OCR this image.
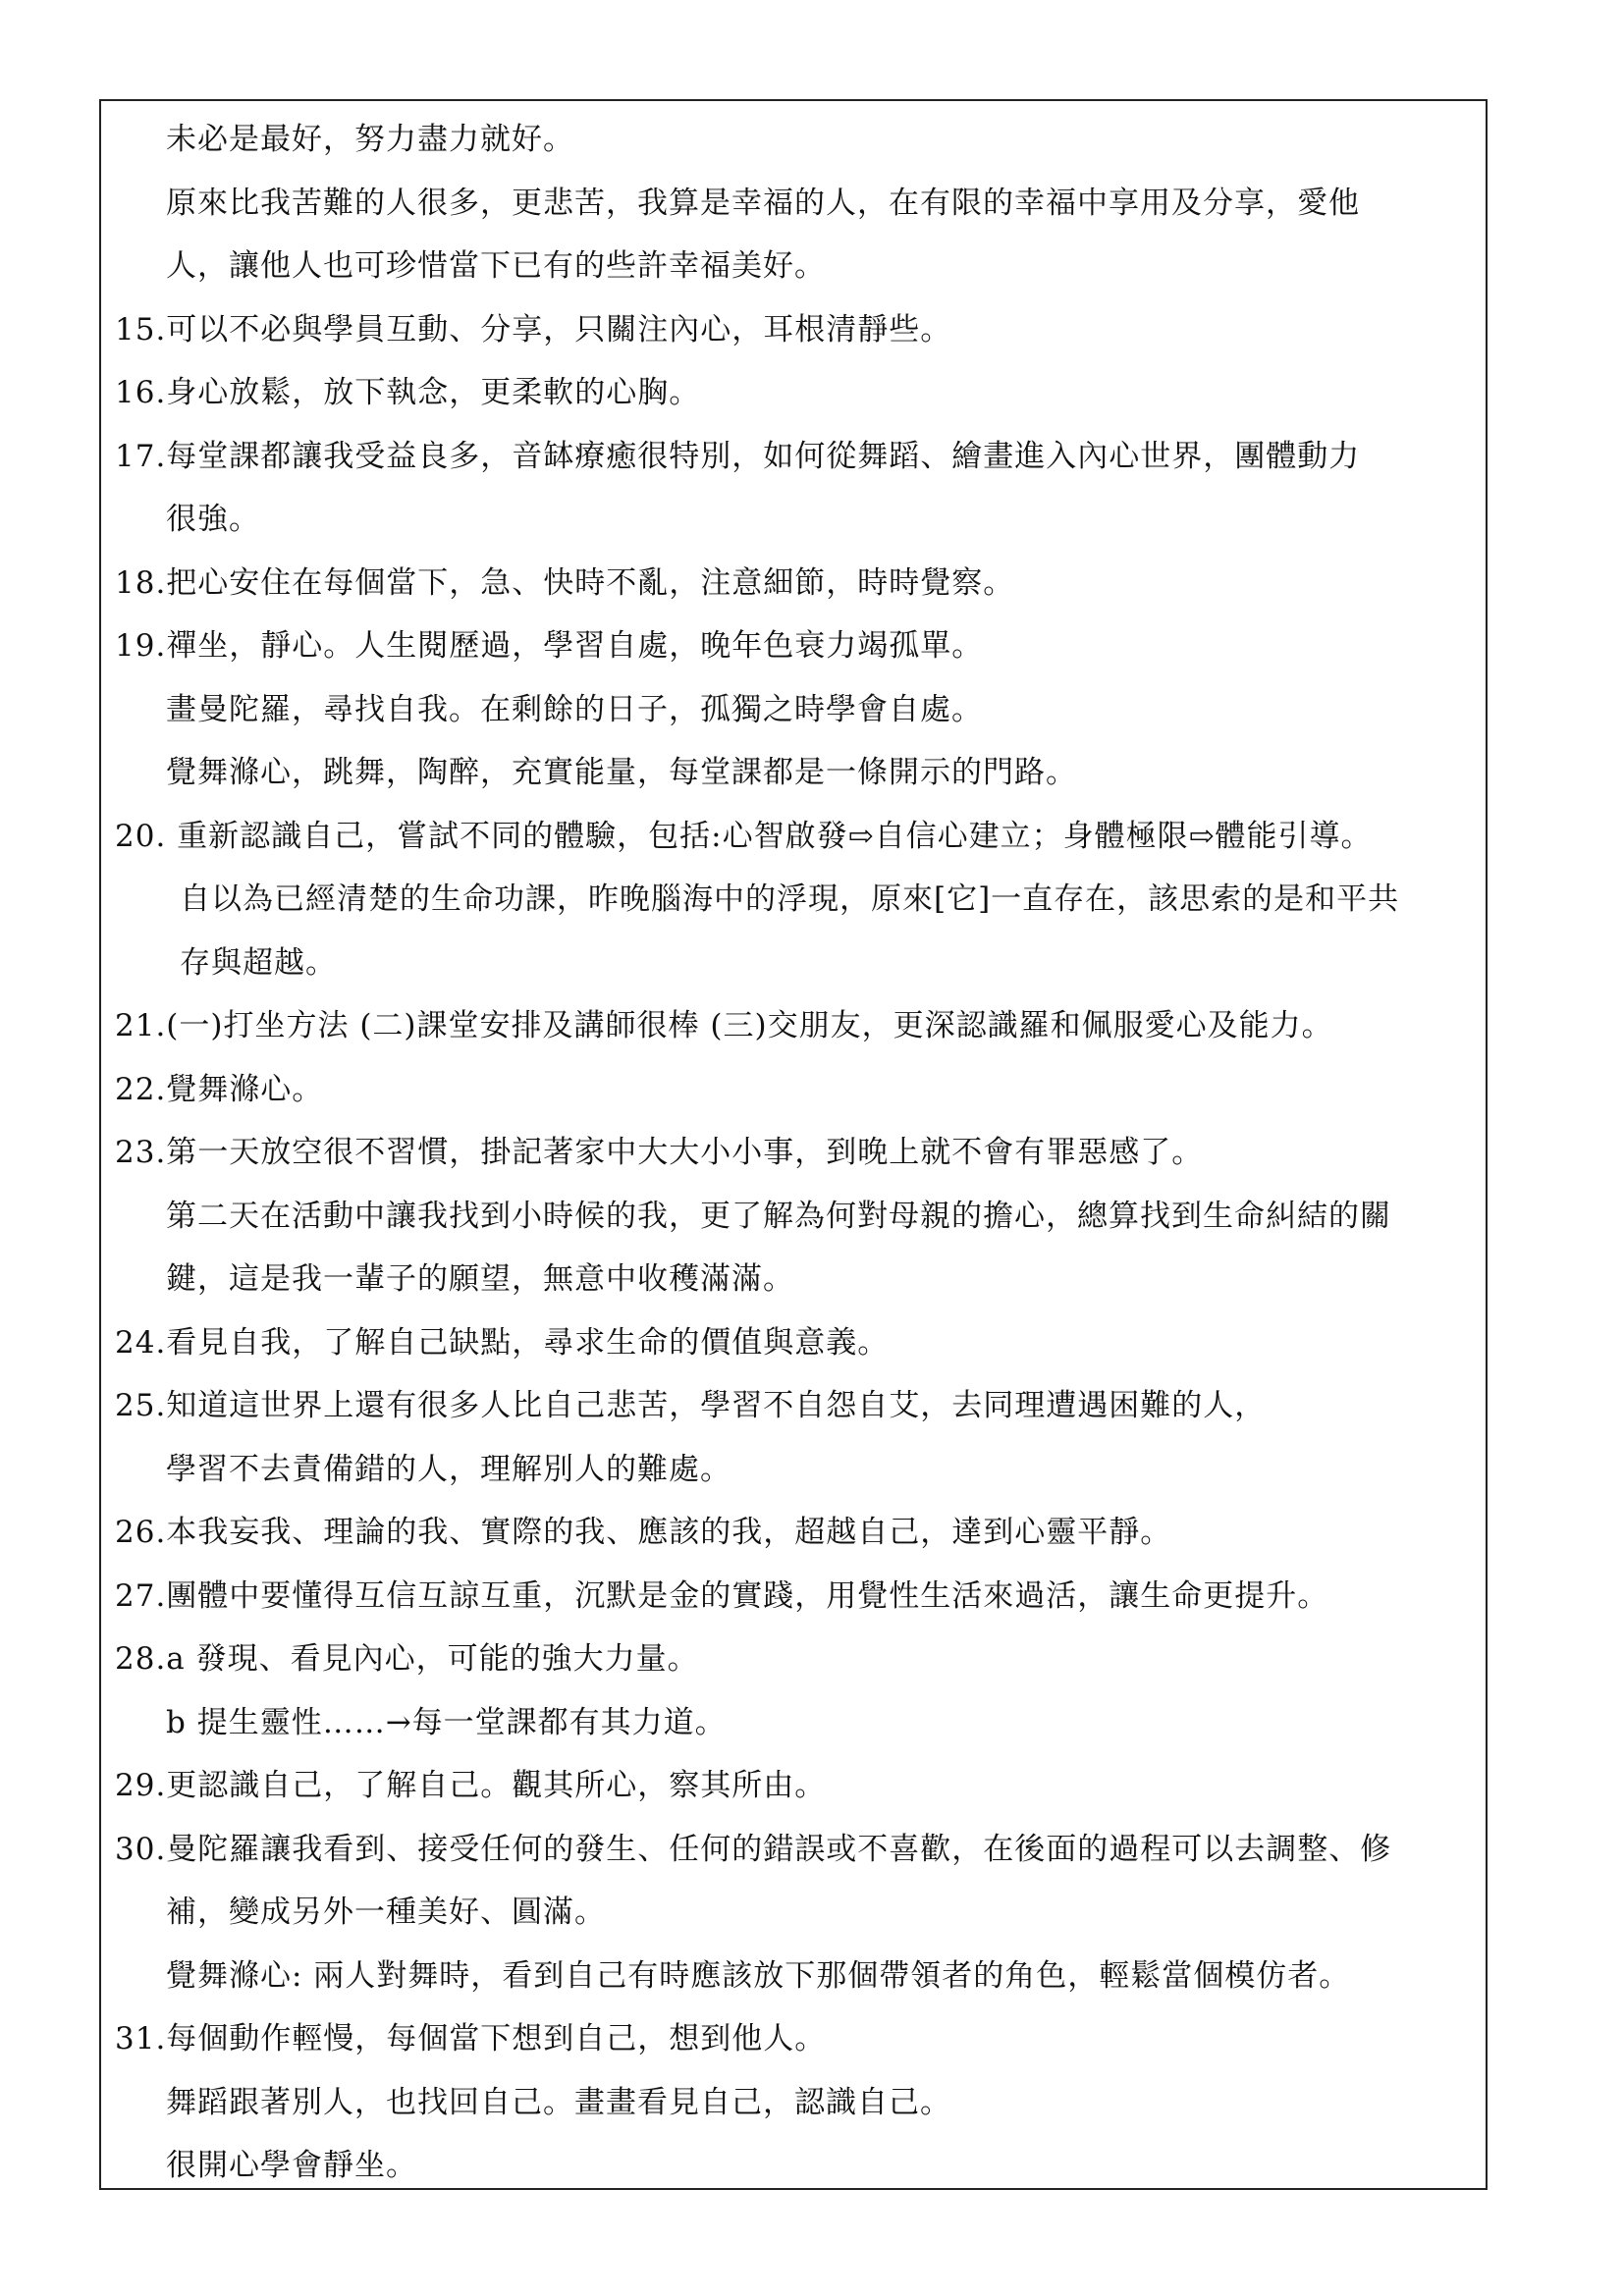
未必是最好，努力盡力就好。
原來比我苦難的人很多，更悲苦，我算是幸福的人，在有限的幸福中享用及分享，愛他
人，讓他人也可珍惜當下已有的些許幸福美好。
15.可以不必與學員互動、分享，只關注內心，耳根清靜些。
16.身心放鬆，放下執念，更柔軟的心胸。
17.每堂課都讓我受益良多，音缽療癒很特別，如何從舞蹈、繪畫進入內心世界，團體動力
很強。
18.把心安住在每個當下，急、快時不亂，注意細節，時時覺察。
19.禪坐，靜心。人生閱歷過，學習自處，晚年色衰力竭孤單。
畫曼陀羅，尋找自我。在剩餘的日子，孤獨之時學會自處。
覺舞滌心，跳舞，陶醉，充實能量，每堂課都是一條開示的門路。
20. 重新認識自己，嘗試不同的體驗，包括:心智啟發⇨自信心建立；身體極限⇨體能引導。
自以為已經清楚的生命功課，昨晚腦海中的浮現，原來[它]一直存在，該思索的是和平共
存與超越。
21.(一)打坐方法 (二)課堂安排及講師很棒 (三)交朋友，更深認識羅和佩服愛心及能力。
22.覺舞滌心。
23.第一天放空很不習慣，掛記著家中大大小小事，到晚上就不會有罪惡感了。
第二天在活動中讓我找到小時候的我，更了解為何對母親的擔心，總算找到生命糾結的關
鍵，這是我一輩子的願望，無意中收穫滿滿。
24.看見自我，了解自己缺點，尋求生命的價值與意義。
25.知道這世界上還有很多人比自己悲苦，學習不自怨自艾，去同理遭遇困難的人，
學習不去責備錯的人，理解別人的難處。
26.本我妄我、理論的我、實際的我、應該的我，超越自己，達到心靈平靜。
27.團體中要懂得互信互諒互重，沉默是金的實踐，用覺性生活來過活，讓生命更提升。
28.a 發現、看見內心，可能的強大力量。
b 提生靈性……→每一堂課都有其力道。
29.更認識自己，了解自己。觀其所心，察其所由。
30.曼陀羅讓我看到、接受任何的發生、任何的錯誤或不喜歡，在後面的過程可以去調整、修
補，變成另外一種美好、圓滿。
覺舞滌心: 兩人對舞時，看到自己有時應該放下那個帶領者的角色，輕鬆當個模仿者。
31.每個動作輕慢，每個當下想到自己，想到他人。
舞蹈跟著別人，也找回自己。畫畫看見自己，認識自己。
很開心學會靜坐。
